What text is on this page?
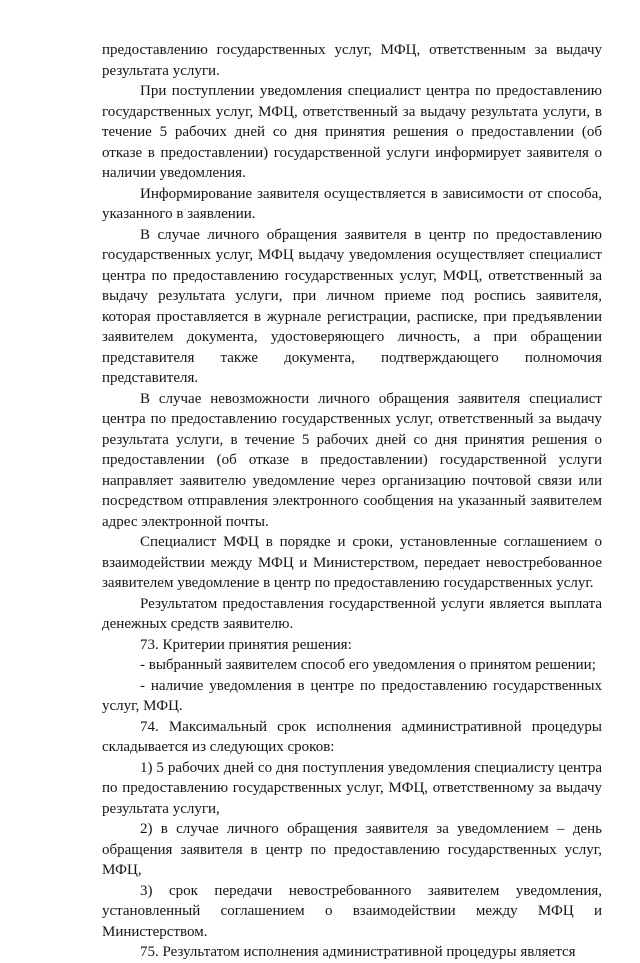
предоставлению государственных услуг, МФЦ, ответственным за выдачу результата услуги.

При поступлении уведомления специалист центра по предоставлению государственных услуг, МФЦ, ответственный за выдачу результата услуги, в течение 5 рабочих дней со дня принятия решения о предоставлении (об отказе в предоставлении) государственной услуги информирует заявителя о наличии уведомления.

Информирование заявителя осуществляется в зависимости от способа, указанного в заявлении.

В случае личного обращения заявителя в центр по предоставлению государственных услуг, МФЦ выдачу уведомления осуществляет специалист центра по предоставлению государственных услуг, МФЦ, ответственный за выдачу результата услуги, при личном приеме под роспись заявителя, которая проставляется в журнале регистрации, расписке, при предъявлении заявителем документа, удостоверяющего личность, а при обращении представителя также документа, подтверждающего полномочия представителя.

В случае невозможности личного обращения заявителя специалист центра по предоставлению государственных услуг, ответственный за выдачу результата услуги, в течение 5 рабочих дней со дня принятия решения о предоставлении (об отказе в предоставлении) государственной услуги направляет заявителю уведомление через организацию почтовой связи или посредством отправления электронного сообщения на указанный заявителем адрес электронной почты.

Специалист МФЦ в порядке и сроки, установленные соглашением о взаимодействии между МФЦ и Министерством, передает невостребованное заявителем уведомление в центр по предоставлению государственных услуг.

Результатом предоставления государственной услуги является выплата денежных средств заявителю.

73. Критерии принятия решения:

- выбранный заявителем способ его уведомления о принятом решении;

- наличие уведомления в центре по предоставлению государственных услуг, МФЦ.

74. Максимальный срок исполнения административной процедуры складывается из следующих сроков:

1) 5 рабочих дней со дня поступления уведомления специалисту центра по предоставлению государственных услуг, МФЦ, ответственному за выдачу результата услуги,

2) в случае личного обращения заявителя за уведомлением – день обращения заявителя в центр по предоставлению государственных услуг, МФЦ,

3) срок передачи невостребованного заявителем уведомления, установленный соглашением о взаимодействии между МФЦ и Министерством.

75. Результатом исполнения административной процедуры является
